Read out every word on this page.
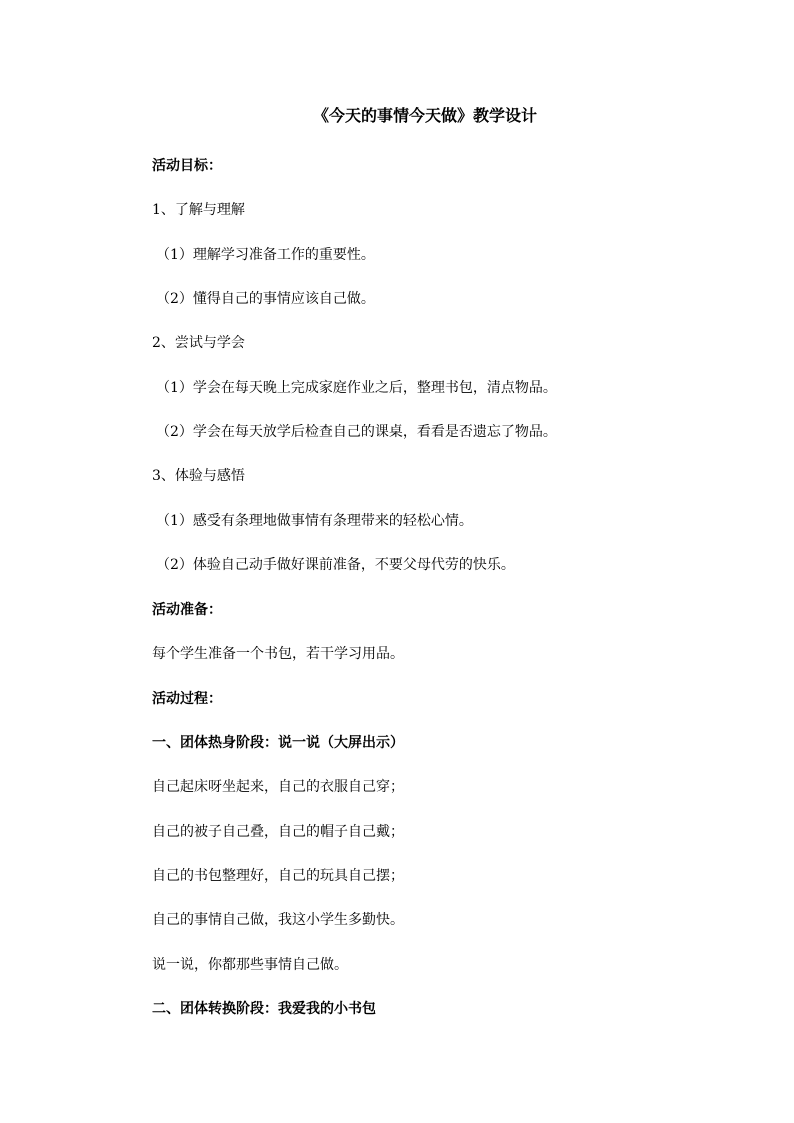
《今天的事情今天做》教学设计
活动目标：
1、了解与理解
（1）理解学习准备工作的重要性。
（2）懂得自己的事情应该自己做。
2、尝试与学会
（1）学会在每天晚上完成家庭作业之后，整理书包，清点物品。
（2）学会在每天放学后检查自己的课桌，看看是否遗忘了物品。
3、体验与感悟
（1）感受有条理地做事情有条理带来的轻松心情。
（2）体验自己动手做好课前准备，不要父母代劳的快乐。
活动准备：
每个学生准备一个书包，若干学习用品。
活动过程：
一、团体热身阶段：说一说（大屏出示）
自己起床呀坐起来，自己的衣服自己穿；
自己的被子自己叠，自己的帽子自己戴；
自己的书包整理好，自己的玩具自己摆；
自己的事情自己做，我这小学生多勤快。
说一说，你都那些事情自己做。
二、团体转换阶段：我爱我的小书包
